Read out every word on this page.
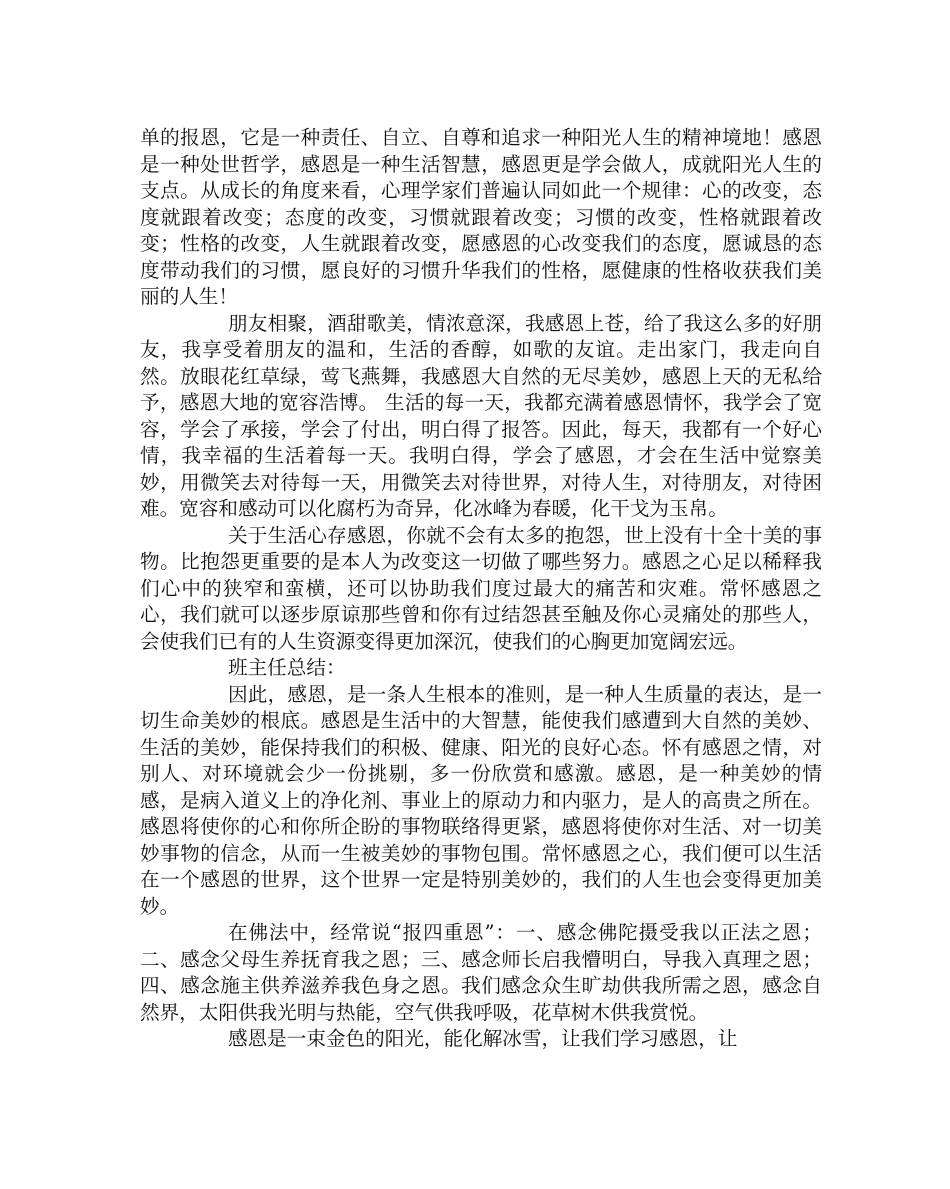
单的报恩，它是一种责任、自立、自尊和追求一种阳光人生的精神境地！感恩是一种处世哲学，感恩是一种生活智慧，感恩更是学会做人，成就阳光人生的支点。从成长的角度来看，心理学家们普遍认同如此一个规律：心的改变，态度就跟着改变；态度的改变，习惯就跟着改变；习惯的改变，性格就跟着改变；性格的改变，人生就跟着改变，愿感恩的心改变我们的态度，愿诚恳的态度带动我们的习惯，愿良好的习惯升华我们的性格，愿健康的性格收获我们美丽的人生！

朋友相聚，酒甜歌美，情浓意深，我感恩上苍，给了我这么多的好朋友，我享受着朋友的温和，生活的香醇，如歌的友谊。走出家门，我走向自然。放眼花红草绿，莺飞燕舞，我感恩大自然的无尽美妙，感恩上天的无私给予，感恩大地的宽容浩博。 生活的每一天，我都充满着感恩情怀，我学会了宽容，学会了承接，学会了付出，明白得了报答。因此，每天，我都有一个好心情，我幸福的生活着每一天。我明白得，学会了感恩，才会在生活中觉察美妙，用微笑去对待每一天，用微笑去对待世界，对待人生，对待朋友，对待困难。宽容和感动可以化腐朽为奇异，化冰峰为春暖，化干戈为玉帛。

关于生活心存感恩，你就不会有太多的抱怨，世上没有十全十美的事物。比抱怨更重要的是本人为改变这一切做了哪些努力。感恩之心足以稀释我们心中的狭窄和蛮横，还可以协助我们度过最大的痛苦和灾难。常怀感恩之心，我们就可以逐步原谅那些曾和你有过结怨甚至触及你心灵痛处的那些人，会使我们已有的人生资源变得更加深沉，使我们的心胸更加宽阔宏远。

班主任总结：

因此，感恩，是一条人生根本的准则，是一种人生质量的表达，是一切生命美妙的根底。感恩是生活中的大智慧，能使我们感遭到大自然的美妙、生活的美妙，能保持我们的积极、健康、阳光的良好心态。怀有感恩之情，对别人、对环境就会少一份挑剔，多一份欣赏和感激。感恩，是一种美妙的情感，是病入道义上的净化剂、事业上的原动力和内驱力，是人的高贵之所在。感恩将使你的心和你所企盼的事物联络得更紧，感恩将使你对生活、对一切美妙事物的信念，从而一生被美妙的事物包围。常怀感恩之心，我们便可以生活在一个感恩的世界，这个世界一定是特别美妙的，我们的人生也会变得更加美妙。

在佛法中，经常说“报四重恩”：一、感念佛陀摄受我以正法之恩；二、感念父母生养抚育我之恩；三、感念师长启我懵明白，导我入真理之恩；四、感念施主供养滋养我色身之恩。我们感念众生旷劫供我所需之恩，感念自然界，太阳供我光明与热能，空气供我呼吸，花草树木供我赏悦。

感恩是一束金色的阳光，能化解冰雪，让我们学习感恩，让
